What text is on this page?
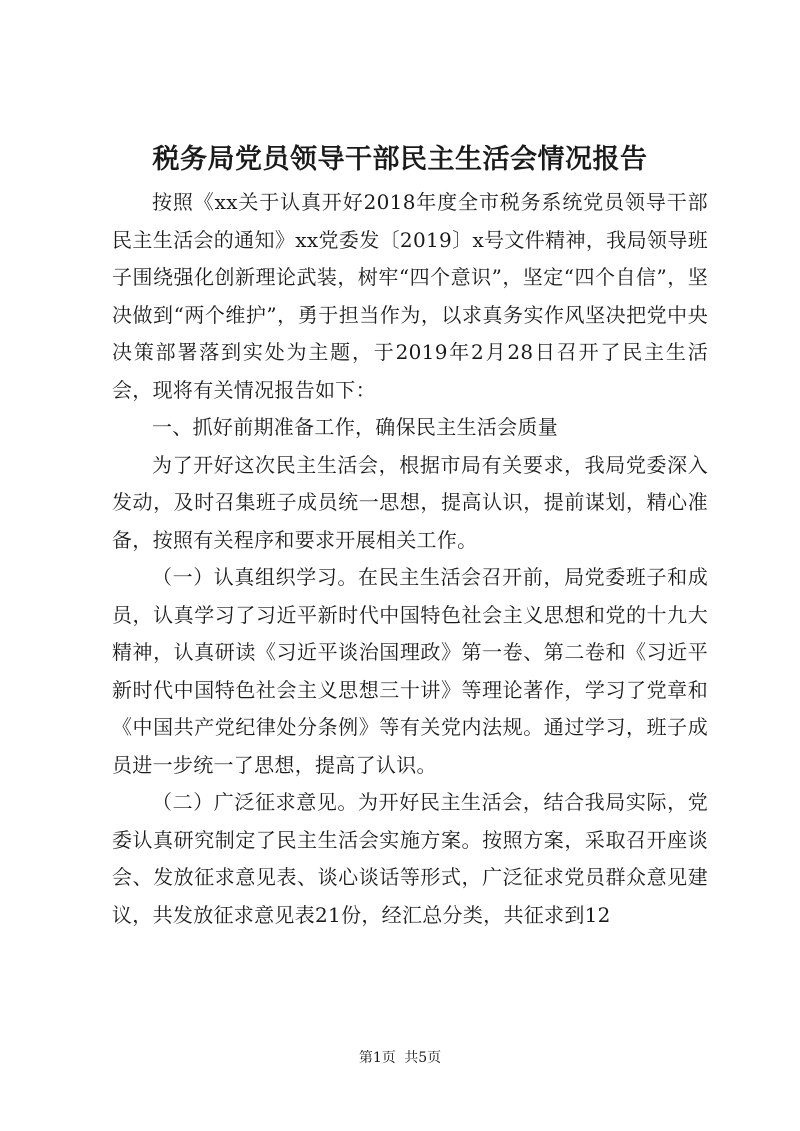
税务局党员领导干部民主生活会情况报告

按照《xx关于认真开好2018年度全市税务系统党员领导干部民主生活会的通知》xx党委发〔2019〕x号文件精神，我局领导班子围绕强化创新理论武装，树牢“四个意识”，坚定“四个自信”，坚决做到“两个维护”，勇于担当作为，以求真务实作风坚决把党中央决策部署落到实处为主题，于2019年2月28日召开了民主生活会，现将有关情况报告如下：

一、抓好前期准备工作，确保民主生活会质量

为了开好这次民主生活会，根据市局有关要求，我局党委深入发动，及时召集班子成员统一思想，提高认识，提前谋划，精心准备，按照有关程序和要求开展相关工作。

（一）认真组织学习。在民主生活会召开前，局党委班子和成员，认真学习了习近平新时代中国特色社会主义思想和党的十九大精神，认真研读《习近平谈治国理政》第一卷、第二卷和《习近平新时代中国特色社会主义思想三十讲》等理论著作，学习了党章和《中国共产党纪律处分条例》等有关党内法规。通过学习，班子成员进一步统一了思想，提高了认识。

（二）广泛征求意见。为开好民主生活会，结合我局实际，党委认真研究制定了民主生活会实施方案。按照方案，采取召开座谈会、发放征求意见表、谈心谈话等形式，广泛征求党员群众意见建议，共发放征求意见表21份，经汇总分类，共征求到12

第1页 共5页
